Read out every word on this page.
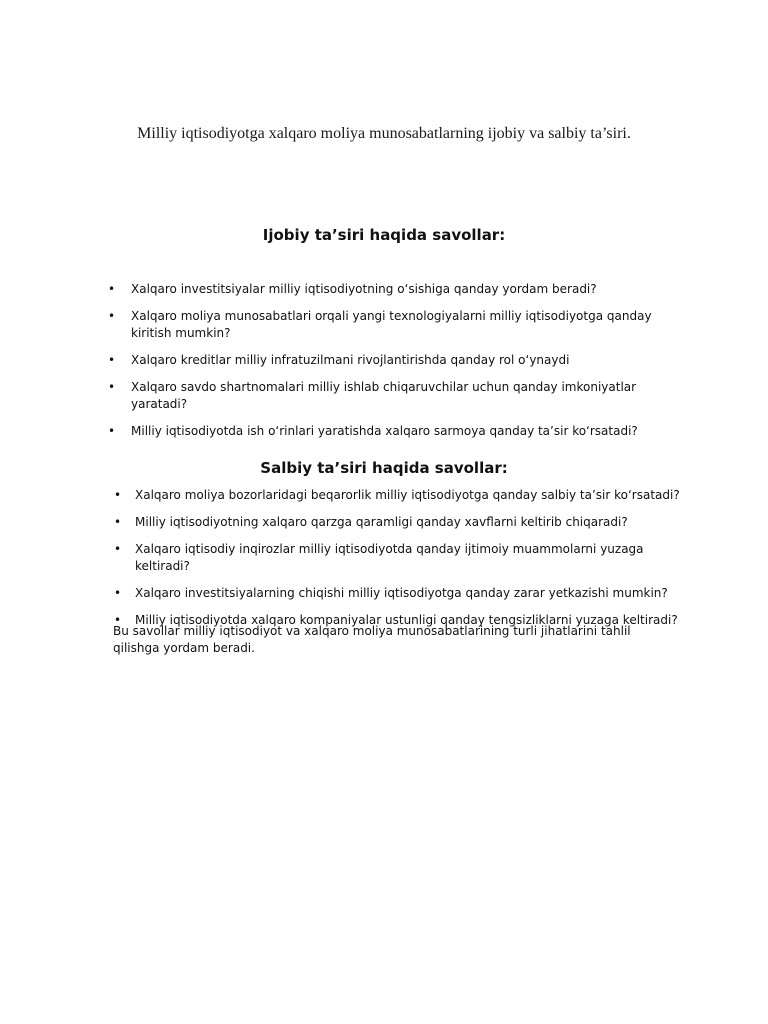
Milliy iqtisodiyotga xalqaro moliya munosabatlarning ijobiy va salbiy ta’siri.
Ijobiy ta’siri haqida savollar:
• Xalqaro investitsiyalar milliy iqtisodiyotning o‘sishiga qanday yordam beradi?
• Xalqaro moliya munosabatlari orqali yangi texnologiyalarni milliy iqtisodiyotga qanday kiritish mumkin?
• Xalqaro kreditlar milliy infratuzilmani rivojlantirishda qanday rol o‘ynaydi
• Xalqaro savdo shartnomalari milliy ishlab chiqaruvchilar uchun qanday imkoniyatlar yaratadi?
• Milliy iqtisodiyotda ish o‘rinlari yaratishda xalqaro sarmoya qanday ta’sir ko‘rsatadi?
Salbiy ta’siri haqida savollar:
• Xalqaro moliya bozorlaridagi beqarorlik milliy iqtisodiyotga qanday salbiy ta’sir ko‘rsatadi?
• Milliy iqtisodiyotning xalqaro qarzga qaramligi qanday xavflarni keltirib chiqaradi?
• Xalqaro iqtisodiy inqirozlar milliy iqtisodiyotda qanday ijtimoiy muammolarni yuzaga keltiradi?
• Xalqaro investitsiyalarning chiqishi milliy iqtisodiyotga qanday zarar yetkazishi mumkin?
• Milliy iqtisodiyotda xalqaro kompaniyalar ustunligi qanday tengsizliklarni yuzaga keltiradi?

Bu savollar milliy iqtisodiyot va xalqaro moliya munosabatlarining turli jihatlarini tahlil qilishga yordam beradi.
